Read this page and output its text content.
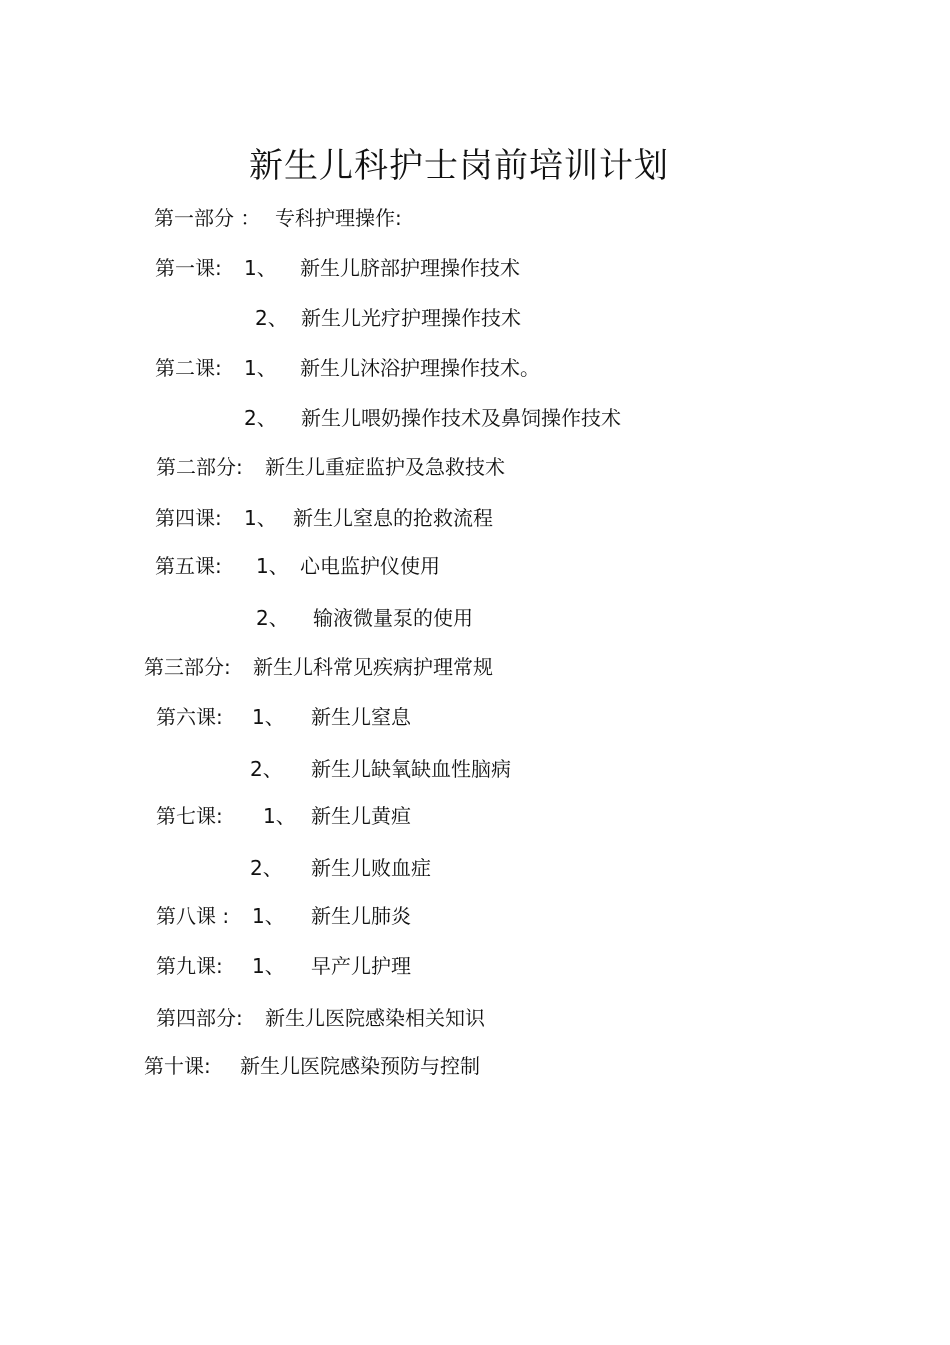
新生儿科护士岗前培训计划
第一部分 ： 专科护理操作:
第一课: 1、 新生儿脐部护理操作技术
2、 新生儿光疗护理操作技术
第二课: 1、 新生儿沐浴护理操作技术。
2、 新生儿喂奶操作技术及鼻饲操作技术
第二部分: 新生儿重症监护及急救技术
第四课: 1、 新生儿窒息的抢救流程
第五课: 1、 心电监护仪使用
2、 输液微量泵的使用
第三部分: 新生儿科常见疾病护理常规
第六课: 1、 新生儿窒息
2、 新生儿缺氧缺血性脑病
第七课: 1、 新生儿黄疸
2、 新生儿败血症
第八课 : 1、 新生儿肺炎
第九课: 1、 早产儿护理
第四部分: 新生儿医院感染相关知识
第十课: 新生儿医院感染预防与控制
